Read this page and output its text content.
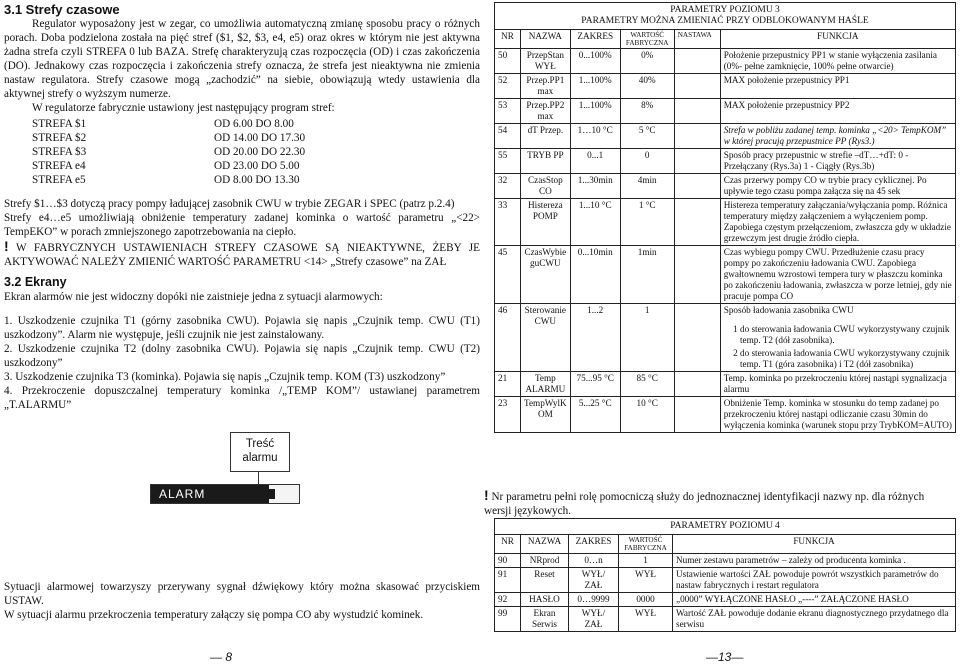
3.1 Strefy czasowe
Regulator wyposażony jest w zegar, co umożliwia automatyczną zmianę sposobu pracy o różnych porach. Doba podzielona została na pięć stref ($1, $2, $3, e4, e5) oraz okres w którym nie jest aktywna żadna strefa czyli STREFA 0 lub BAZA. Strefę charakteryzują czas rozpoczęcia (OD) i czas zakończenia (DO). Jednakowy czas rozpoczęcia i zakończenia strefy oznacza, że strefa jest nieaktywna nie zmienia nastaw regulatora. Strefy czasowe mogą „zachodzić” na siebie, obowiązują wtedy ustawienia dla aktywnej strefy o wyższym numerze.
W regulatorze fabrycznie ustawiony jest następujący program stref:
STREFA $1	OD 6.00 DO 8.00
STREFA $2	OD 14.00 DO 17.30
STREFA $3	OD 20.00 DO 22.30
STREFA e4	OD 23.00 DO 5.00
STREFA e5	OD 8.00 DO 13.30
Strefy $1…$3 dotyczą pracy pompy ładującej zasobnik CWU w trybie ZEGAR i SPEC (patrz p.2.4)
Strefy e4…e5 umożliwiają obniżenie temperatury zadanej kominka o wartość parametru „<22> TempEKO” w porach zmniejszonego zapotrzebowania na ciepło.
! W FABRYCZNYCH USTAWIENIACH STREFY CZASOWE SĄ NIEAKTYWNE, ŻEBY JE AKTYWOWAĆ NALEŻY ZMIENIĆ WARTOŚĆ PARAMETRU <14> „Strefy czasowe” na ZAŁ
3.2 Ekrany
Ekran alarmów nie jest widoczny dopóki nie zaistnieje jedna z sytuacji alarmowych:
1. Uszkodzenie czujnika T1 (górny zasobnika CWU). Pojawia się napis „Czujnik temp. CWU (T1) uszkodzony”. Alarm nie występuje, jeśli czujnik nie jest zainstalowany.
2. Uszkodzenie czujnika T2 (dolny zasobnika CWU). Pojawia się napis „Czujnik temp. CWU (T2) uszkodzony”
3. Uszkodzenie czujnika T3 (kominka). Pojawia się napis „Czujnik temp. KOM (T3) uszkodzony”
4. Przekroczenie dopuszczalnej temperatury kominka /„TEMP KOM”/ ustawianej parametrem „T.ALARMU”
Treść alarmu
ALARM
Sytuacji alarmowej towarzyszy przerywany sygnał dźwiękowy który można skasować przyciskiem USTAW.
W sytuacji alarmu przekroczenia temperatury załączy się pompa CO aby wystudzić kominek.
— 8
PARAMETRY POZIOMU 3
PARAMETRY MOŻNA ZMIENIAĆ PRZY ODBLOKOWANYM HAŚLE					

NR	NAZWA	ZAKRES	WARTOŚĆ FABRYCZNA	NASTAWA	FUNKCJA
50	PrzepStan WYŁ	0...100%	0%		Położenie przepustnicy PP1 w stanie wyłączenia zasilania (0%- pełne zamknięcie, 100% pełne otwarcie)
52	Przep.PP1 max	1...100%	40%		MAX położenie przepustnicy PP1
53	Przep.PP2 max	1...100%	8%		MAX położenie przepustnicy PP2
54	dT Przep.	1…10 °C	5 °C		Strefa w pobliżu zadanej temp. kominka „<20> TempKOM” w której pracują przepustnice PP (Rys3.)
55	TRYB PP	0...1	0		Sposób pracy przepustnic w strefie –dT…+dT: 0 - Przełączany (Rys.3a) 1 - Ciągły (Rys.3b)
32	CzasStop CO	1...30min	4min		Czas przerwy pompy CO w trybie pracy cyklicznej. Po upływie tego czasu pompa załącza się na 45 sek
33	Histereza POMP	1...10 °C	1 °C		Histereza temperatury załączania/wyłączania pomp. Różnica temperatury między załączeniem a wyłączeniem pomp. Zapobiega częstym przełączeniom, zwłaszcza gdy w układzie grzewczym jest drugie źródło ciepła.
45	CzasWybie guCWU	0...10min	1min		Czas wybiegu pompy CWU. Przedłużenie czasu pracy pompy po zakończeniu ładowania CWU. Zapobiega gwałtownemu wzrostowi tempera tury w płaszczu kominka po zakończeniu ładowania, zwłaszcza w porze letniej, gdy nie pracuje pompa CO
46	Sterowanie CWU	1...2	1		Sposób ładowania zasobnika CWU
1
do sterowania ładowania CWU wykorzystywany czujnik temp. T2 (dół zasobnika).
2
do sterowania ładowania CWU wykorzystywany czujnik temp. T1 (góra zasobnika) i T2 (dół zasobnika)

21	Temp ALARMU	75...95 °C	85 °C		Temp. kominka po przekroczeniu której nastąpi sygnalizacja alarmu
23	TempWylK OM	5...25 °C	10 °C		Obniżenie Temp. kominka w stosunku do temp zadanej po przekroczeniu której nastąpi odliczanie czasu 30min do wyłączenia kominka (warunek stopu przy TrybKOM=AUTO)
! Nr parametru pełni rolę pomocniczą służy do jednoznacznej identyfikacji nazwy np. dla różnych wersji językowych.
PARAMETRY POZIOMU 4				
NR	NAZWA	ZAKRES	WARTOŚĆ FABRYCZNA	FUNKCJA
90	NRprod	0…n	1	Numer zestawu parametrów – zależy od producenta kominka .
91	Reset	WYŁ/ ZAŁ	WYŁ	Ustawienie wartości ZAŁ powoduje powrót wszystkich parametrów do nastaw fabrycznych i restart regulatora
92	HASŁO	0…9999	0000	„0000” WYŁĄCZONE HASŁO „----” ZAŁĄCZONE HASŁO
99	Ekran Serwis	WYŁ/ ZAŁ	WYŁ	Wartość ZAŁ powoduje dodanie ekranu diagnostycznego przydatnego dla serwisu
—13—
